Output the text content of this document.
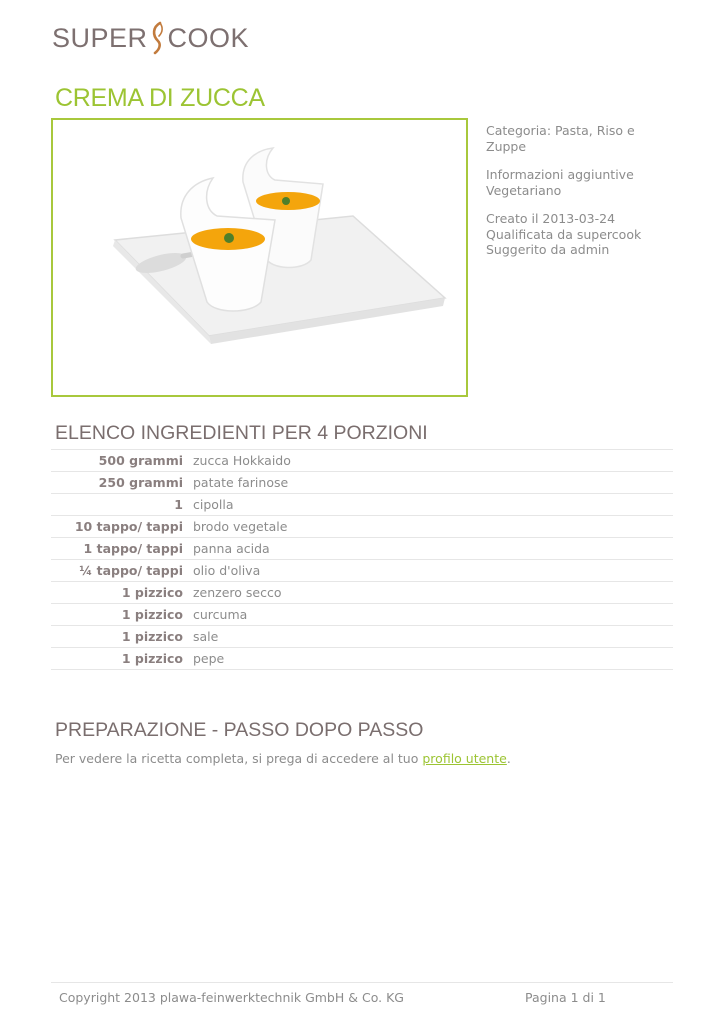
SUPER COOK
CREMA DI ZUCCA

Categoria: Pasta, Riso e Zuppe

Informazioni aggiuntive
Vegetariano

Creato il 2013-03-24
Qualificata da supercook
Suggerito da admin

ELENCO INGREDIENTI PER 4 PORZIONI
500 grammi	zucca Hokkaido
250 grammi	patate farinose
1	cipolla
10 tappo/ tappi	brodo vegetale
1 tappo/ tappi	panna acida
¼ tappo/ tappi	olio d'oliva
1 pizzico	zenzero secco
1 pizzico	curcuma
1 pizzico	sale
1 pizzico	pepe
PREPARAZIONE - PASSO DOPO PASSO

Per vedere la ricetta completa, si prega di accedere al tuo profilo utente.

Copyright 2013 plawa-feinwerktechnik GmbH & Co. KG	Pagina 1 di 1
